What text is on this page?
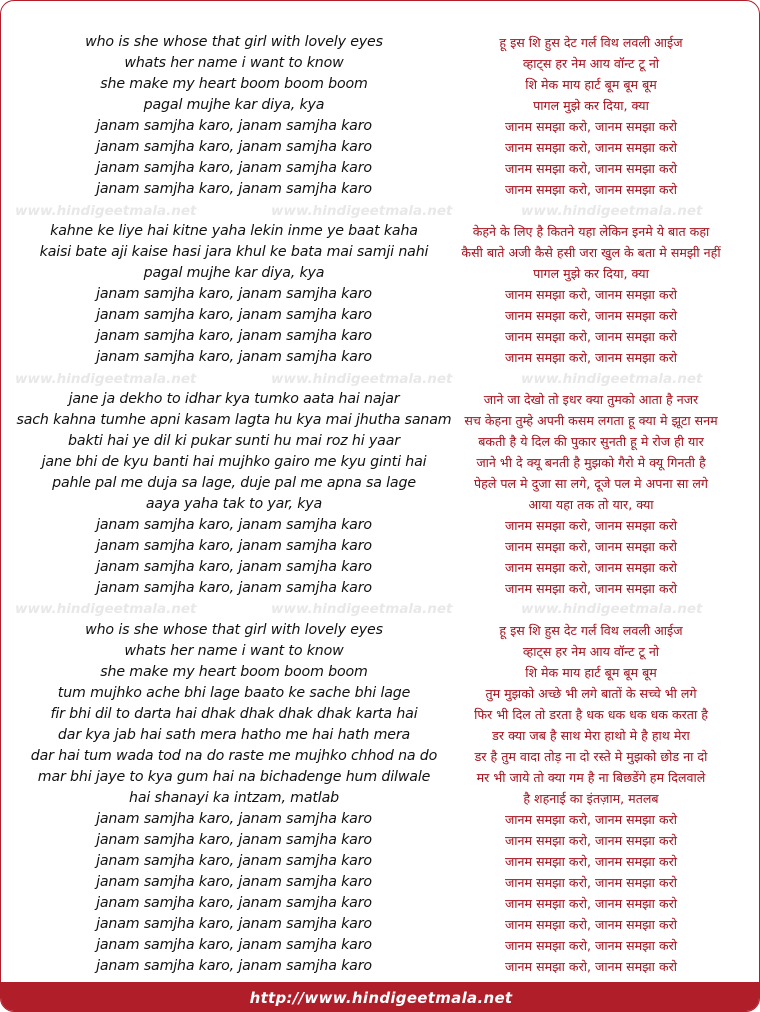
www.hindigeetmala.net	www.hindigeetmala.net	www.hindigeetmala.net
www.hindigeetmala.net	www.hindigeetmala.net	www.hindigeetmala.net
www.hindigeetmala.net	www.hindigeetmala.net	www.hindigeetmala.net
who is she whose that girl with lovely eyes	हू इस शि हुस देट गर्ल विथ लवली आईज
whats her name i want to know	व्हाट्स हर नेम आय वॉन्ट टू नो
she make my heart boom boom boom	शि मेक माय हार्ट बूम बूम बूम
pagal mujhe kar diya, kya	पागल मुझे कर दिया, क्या
janam samjha karo, janam samjha karo	जानम समझा करो, जानम समझा करो
janam samjha karo, janam samjha karo	जानम समझा करो, जानम समझा करो
janam samjha karo, janam samjha karo	जानम समझा करो, जानम समझा करो
janam samjha karo, janam samjha karo	जानम समझा करो, जानम समझा करो
kahne ke liye hai kitne yaha lekin inme ye baat kaha	केहने के लिए है कितने यहा लेकिन इनमे ये बात कहा
kaisi bate aji kaise hasi jara khul ke bata mai samji nahi	कैसी बाते अजी कैसे हसी जरा खुल के बता मे समझी नहीं
pagal mujhe kar diya, kya	पागल मुझे कर दिया, क्या
janam samjha karo, janam samjha karo	जानम समझा करो, जानम समझा करो
janam samjha karo, janam samjha karo	जानम समझा करो, जानम समझा करो
janam samjha karo, janam samjha karo	जानम समझा करो, जानम समझा करो
janam samjha karo, janam samjha karo	जानम समझा करो, जानम समझा करो
jane ja dekho to idhar kya tumko aata hai najar	जाने जा देखो तो इधर क्या तुमको आता है नजर
sach kahna tumhe apni kasam lagta hu kya mai jhutha sanam	सच केहना तुम्हे अपनी कसम लगता हू क्या मे झूटा सनम
bakti hai ye dil ki pukar sunti hu mai roz hi yaar	बकती है ये दिल की पुकार सुनती हू मे रोज ही यार
jane bhi de kyu banti hai mujhko gairo me kyu ginti hai	जाने भी दे क्यू बनती है मुझको गैरो मे क्यू गिनती है
pahle pal me duja sa lage, duje pal me apna sa lage	पेहले पल मे दुजा सा लगे, दूजे पल मे अपना सा लगे
aaya yaha tak to yar, kya	आया यहा तक तो यार, क्या
janam samjha karo, janam samjha karo	जानम समझा करो, जानम समझा करो
janam samjha karo, janam samjha karo	जानम समझा करो, जानम समझा करो
janam samjha karo, janam samjha karo	जानम समझा करो, जानम समझा करो
janam samjha karo, janam samjha karo	जानम समझा करो, जानम समझा करो
who is she whose that girl with lovely eyes	हू इस शि हुस देट गर्ल विथ लवली आईज
whats her name i want to know	व्हाट्स हर नेम आय वॉन्ट टू नो
she make my heart boom boom boom	शि मेक माय हार्ट बूम बूम बूम
tum mujhko ache bhi lage baato ke sache bhi lage	तुम मुझको अच्छे भी लगे बातों के सच्चे भी लगे
fir bhi dil to darta hai dhak dhak dhak dhak karta hai	फिर भी दिल तो डरता है धक धक धक धक करता है
dar kya jab hai sath mera hatho me hai hath mera	डर क्या जब है साथ मेरा हाथो मे है हाथ मेरा
dar hai tum wada tod na do raste me mujhko chhod na do	डर है तुम वादा तोड़ ना दो रस्ते मे मुझको छोड ना दो
mar bhi jaye to kya gum hai na bichadenge hum dilwale	मर भी जाये तो क्या गम है ना बिछडेंगे हम दिलवाले
hai shanayi ka intzam, matlab	है शहनाई का इंतज़ाम, मतलब
janam samjha karo, janam samjha karo	जानम समझा करो, जानम समझा करो
janam samjha karo, janam samjha karo	जानम समझा करो, जानम समझा करो
janam samjha karo, janam samjha karo	जानम समझा करो, जानम समझा करो
janam samjha karo, janam samjha karo	जानम समझा करो, जानम समझा करो
janam samjha karo, janam samjha karo	जानम समझा करो, जानम समझा करो
janam samjha karo, janam samjha karo	जानम समझा करो, जानम समझा करो
janam samjha karo, janam samjha karo	जानम समझा करो, जानम समझा करो
janam samjha karo, janam samjha karo	जानम समझा करो, जानम समझा करो
http://www.hindigeetmala.net
